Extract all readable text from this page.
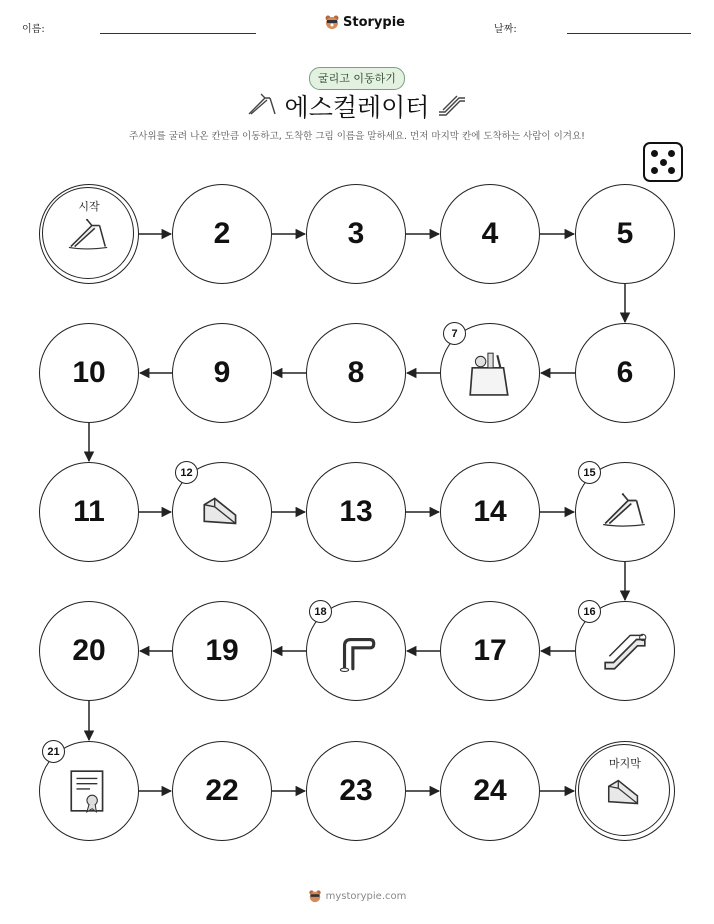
이름:	Storypie	날짜:
굴리고 이동하기
에스컬레이터
주사위를 굴려 나온 칸만큼 이동하고, 도착한 그림 이름을 말하세요. 먼저 마지막 칸에 도착하는 사람이 이겨요!
시작
2	3	4	5
6
7
8
9
10
11
12
13	14
15
16
17
18
19
20
21
22	23	24
마지막
mystorypie.com
